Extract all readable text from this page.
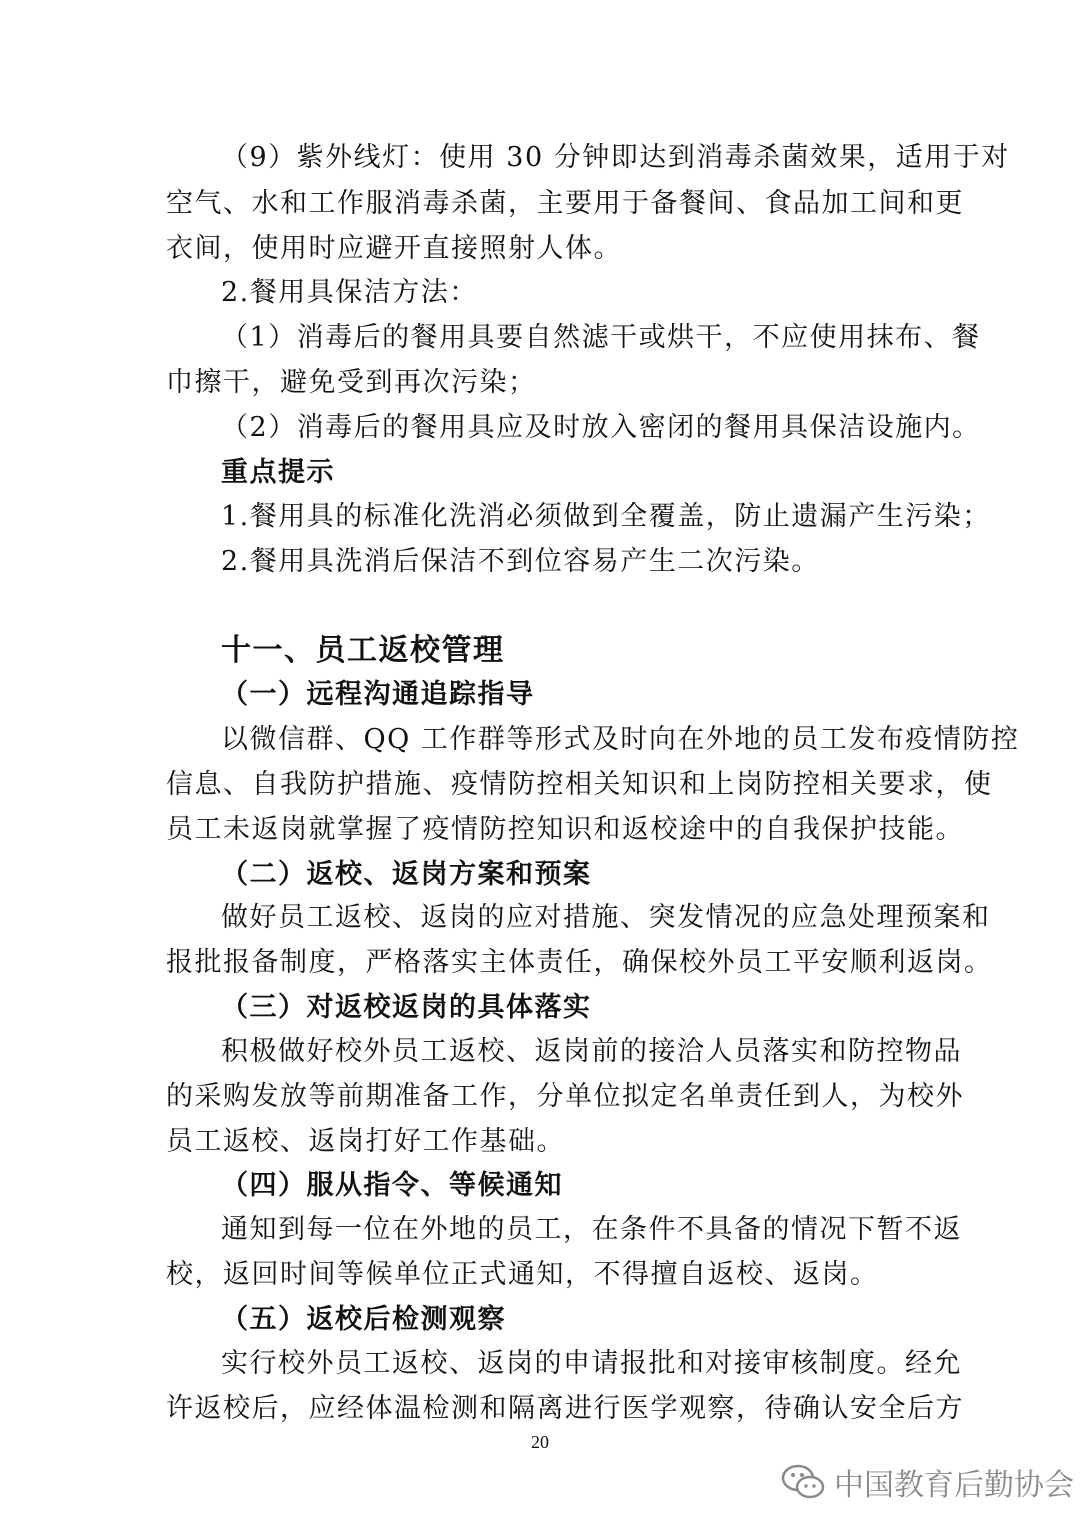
（9）紫外线灯：使用 30 分钟即达到消毒杀菌效果，适用于对
空气、水和工作服消毒杀菌，主要用于备餐间、食品加工间和更
衣间，使用时应避开直接照射人体。
2.餐用具保洁方法：
（1）消毒后的餐用具要自然滤干或烘干，不应使用抹布、餐
巾擦干，避免受到再次污染；
（2）消毒后的餐用具应及时放入密闭的餐用具保洁设施内。
重点提示
1.餐用具的标准化洗消必须做到全覆盖，防止遗漏产生污染；
2.餐用具洗消后保洁不到位容易产生二次污染。
十一、员工返校管理
（一）远程沟通追踪指导
以微信群、QQ 工作群等形式及时向在外地的员工发布疫情防控
信息、自我防护措施、疫情防控相关知识和上岗防控相关要求，使
员工未返岗就掌握了疫情防控知识和返校途中的自我保护技能。
（二）返校、返岗方案和预案
做好员工返校、返岗的应对措施、突发情况的应急处理预案和
报批报备制度，严格落实主体责任，确保校外员工平安顺利返岗。
（三）对返校返岗的具体落实
积极做好校外员工返校、返岗前的接洽人员落实和防控物品
的采购发放等前期准备工作，分单位拟定名单责任到人，为校外
员工返校、返岗打好工作基础。
（四）服从指令、等候通知
通知到每一位在外地的员工，在条件不具备的情况下暂不返
校，返回时间等候单位正式通知，不得擅自返校、返岗。
（五）返校后检测观察
实行校外员工返校、返岗的申请报批和对接审核制度。经允
许返校后，应经体温检测和隔离进行医学观察，待确认安全后方
20
中国教育后勤协会
